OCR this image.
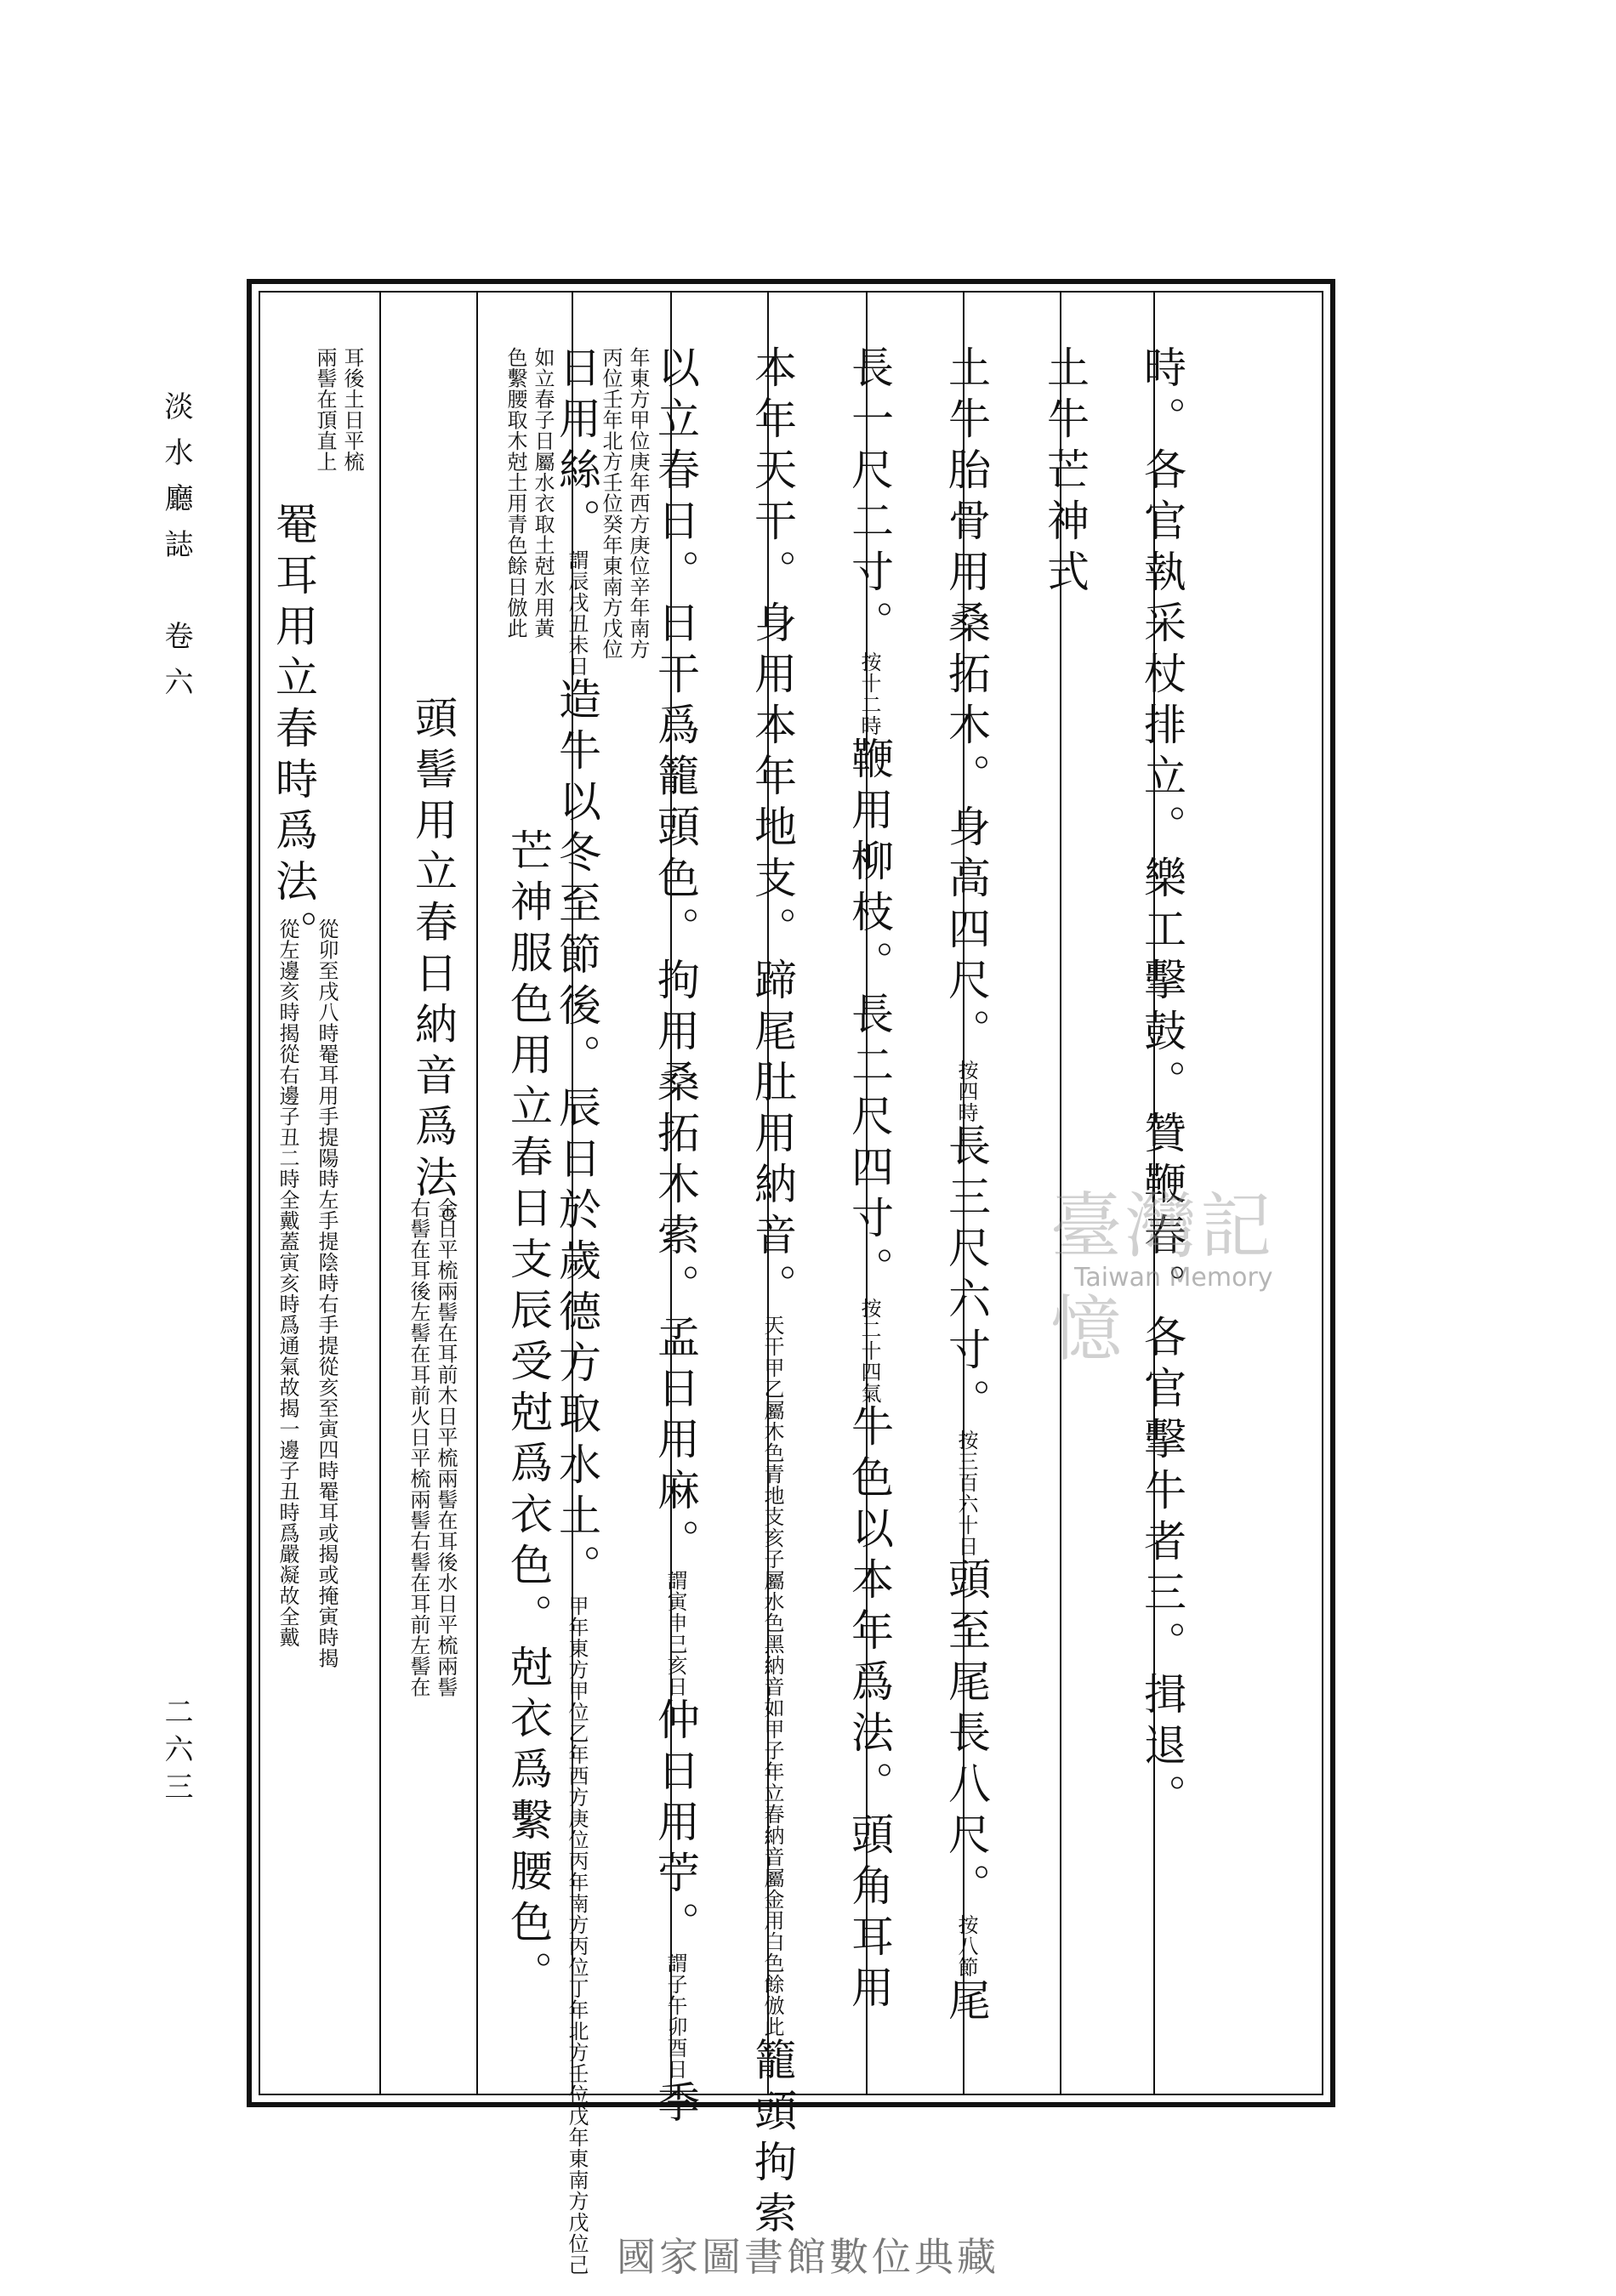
淡水廳誌　卷六
二六三	時。各官執采杖排立。樂工擊鼓。贊鞭春。各官擊牛者三。揖退。
土牛芒神式
土牛胎骨用桑拓木。身高四尺。按四時長三尺六寸。按三百六十日頭至尾長八尺。按八節尾
長一尺二寸。按十二時鞭用柳枝。長二尺四寸。按二十四氣牛色以本年爲法。頭角耳用
本年天干。身用本年地支。蹄尾肚用納音。天干甲乙屬木色青地支亥子屬水色黑納音如甲子年立春納音屬金用白色餘倣此籠頭拘索
以立春日。日干爲籠頭色。拘用桑拓木索。孟日用麻。謂寅申巳亥日仲日用苧。謂子午卯酉日季
日用絲。謂辰戌丑未日造牛以冬至節後。辰日於歲德方取水土。甲年東方甲位乙年西方庚位丙年南方丙位丁年北方壬位戊年東南方戊位己
年東方甲位庚年西方庚位辛年南方
丙位壬年北方壬位癸年東南方戊位
芒神服色用立春日支辰受尅爲衣色。尅衣爲繫腰色。
如立春子日屬水衣取土尅水用黃
色繫腰取木尅土用青色餘日倣此
頭髻用立春日納音爲法。
金日平梳兩髻在耳前木日平梳兩髻在耳後水日平梳兩髻
右髻在耳後左髻在耳前火日平梳兩髻右髻在耳前左髻在
耳後土日平梳
兩髻在頂直上
罨耳用立春時爲法。
從卯至戌八時罨耳用手提陽時左手提陰時右手提從亥至寅四時罨耳或揭或掩寅時揭
從左邊亥時揭從右邊子丑二時全戴蓋寅亥時爲通氣故揭一邊子丑時爲嚴凝故全戴	臺灣記憶
Taiwan Memory
國家圖書館數位典藏
